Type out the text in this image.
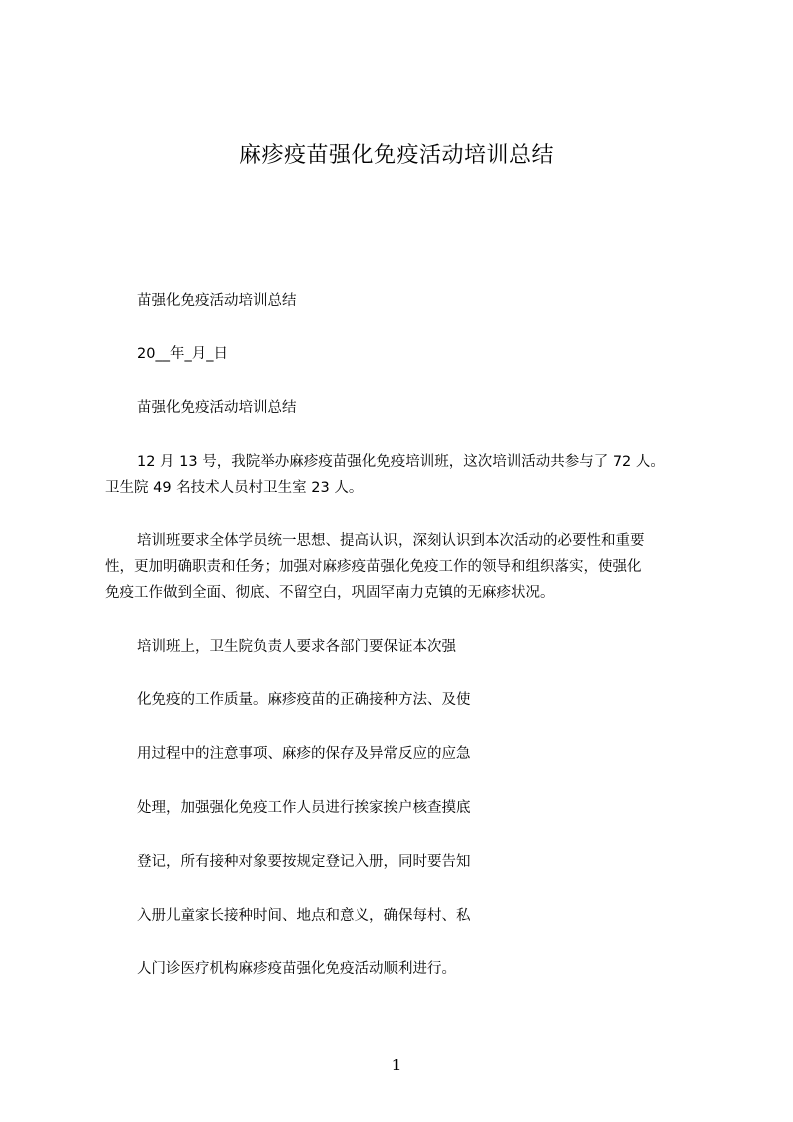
麻疹疫苗强化免疫活动培训总结
苗强化免疫活动培训总结
20__年_月_日
苗强化免疫活动培训总结
12 月 13 号，我院举办麻疹疫苗强化免疫培训班，这次培训活动共参与了 72 人。
卫生院 49 名技术人员村卫生室 23 人。
培训班要求全体学员统一思想、提高认识，深刻认识到本次活动的必要性和重要
性，更加明确职责和任务；加强对麻疹疫苗强化免疫工作的领导和组织落实，使强化
免疫工作做到全面、彻底、不留空白，巩固罕南力克镇的无麻疹状况。
培训班上，卫生院负责人要求各部门要保证本次强
化免疫的工作质量。麻疹疫苗的正确接种方法、及使
用过程中的注意事项、麻疹的保存及异常反应的应急
处理，加强强化免疫工作人员进行挨家挨户核查摸底
登记，所有接种对象要按规定登记入册，同时要告知
入册儿童家长接种时间、地点和意义，确保每村、私
人门诊医疗机构麻疹疫苗强化免疫活动顺利进行。
1
